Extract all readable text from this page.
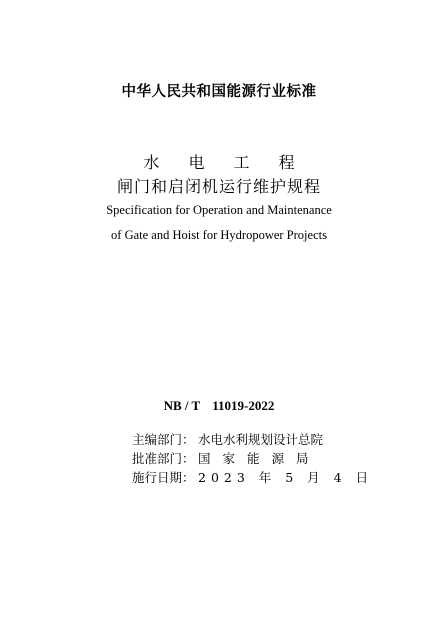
中华人民共和国能源行业标准
水 电 工 程
闸门和启闭机运行维护规程
Specification for Operation and Maintenance
of Gate and Hoist for Hydropower Projects
NB / T 11019-2022
主编部门： 水电水利规划设计总院
批准部门： 国家能源局
施行日期： 2023 年 5 月 4 日
